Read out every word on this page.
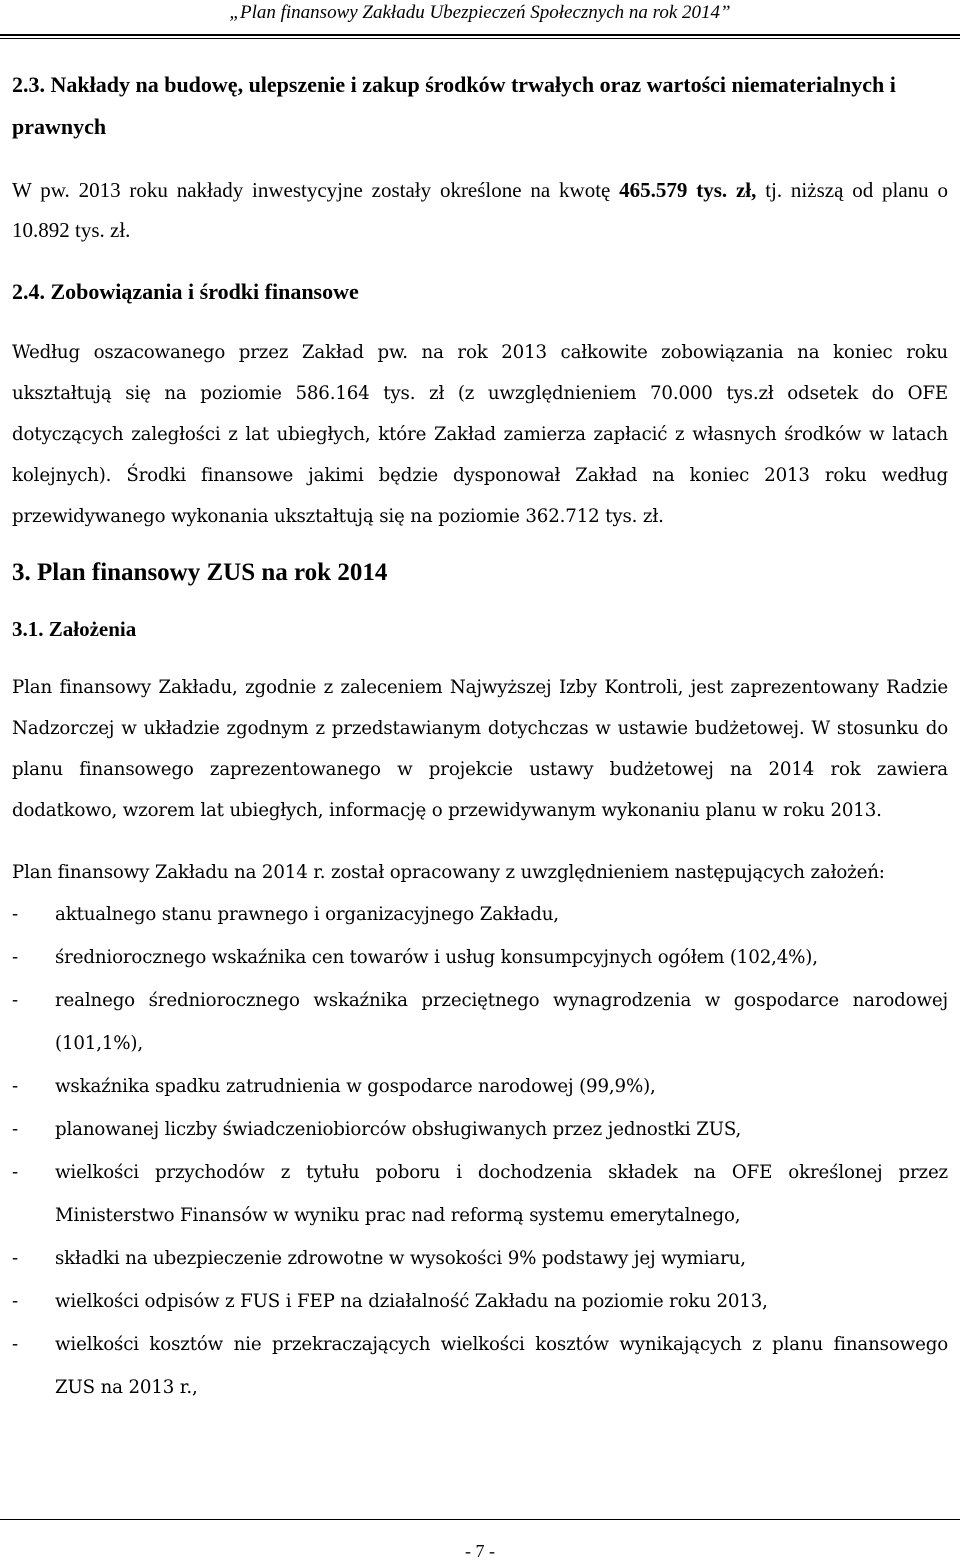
„Plan finansowy Zakładu Ubezpieczeń Społecznych na rok 2014”
2.3. Nakłady na budowę, ulepszenie i zakup środków trwałych oraz wartości niematerialnych i prawnych

W pw. 2013 roku nakłady inwestycyjne zostały określone na kwotę 465.579 tys. zł, tj. niższą od planu o 10.892 tys. zł.

2.4. Zobowiązania i środki finansowe

Według oszacowanego przez Zakład pw. na rok 2013 całkowite zobowiązania na koniec roku ukształtują się na poziomie 586.164 tys. zł (z uwzględnieniem 70.000 tys.zł odsetek do OFE dotyczących zaległości z lat ubiegłych, które Zakład zamierza zapłacić z własnych środków w latach kolejnych). Środki finansowe jakimi będzie dysponował Zakład na koniec 2013 roku według przewidywanego wykonania ukształtują się na poziomie 362.712 tys. zł.

3. Plan finansowy ZUS na rok 2014
3.1. Założenia

Plan finansowy Zakładu, zgodnie z zaleceniem Najwyższej Izby Kontroli, jest zaprezentowany Radzie Nadzorczej w układzie zgodnym z przedstawianym dotychczas w ustawie budżetowej. W stosunku do planu finansowego zaprezentowanego w projekcie ustawy budżetowej na 2014 rok zawiera dodatkowo, wzorem lat ubiegłych, informację o przewidywanym wykonaniu planu w roku 2013.

Plan finansowy Zakładu na 2014 r. został opracowany z uwzględnieniem następujących założeń:

- aktualnego stanu prawnego i organizacyjnego Zakładu,
- średniorocznego wskaźnika cen towarów i usług konsumpcyjnych ogółem (102,4%),
- realnego średniorocznego wskaźnika przeciętnego wynagrodzenia w gospodarce narodowej (101,1%),
- wskaźnika spadku zatrudnienia w gospodarce narodowej (99,9%),
- planowanej liczby świadczeniobiorców obsługiwanych przez jednostki ZUS,
- wielkości przychodów z tytułu poboru i dochodzenia składek na OFE określonej przez Ministerstwo Finansów w wyniku prac nad reformą systemu emerytalnego,
- składki na ubezpieczenie zdrowotne w wysokości 9% podstawy jej wymiaru,
- wielkości odpisów z FUS i FEP na działalność Zakładu na poziomie roku 2013,
- wielkości kosztów nie przekraczających wielkości kosztów wynikających z planu finansowego ZUS na 2013 r.,
- 7 -
